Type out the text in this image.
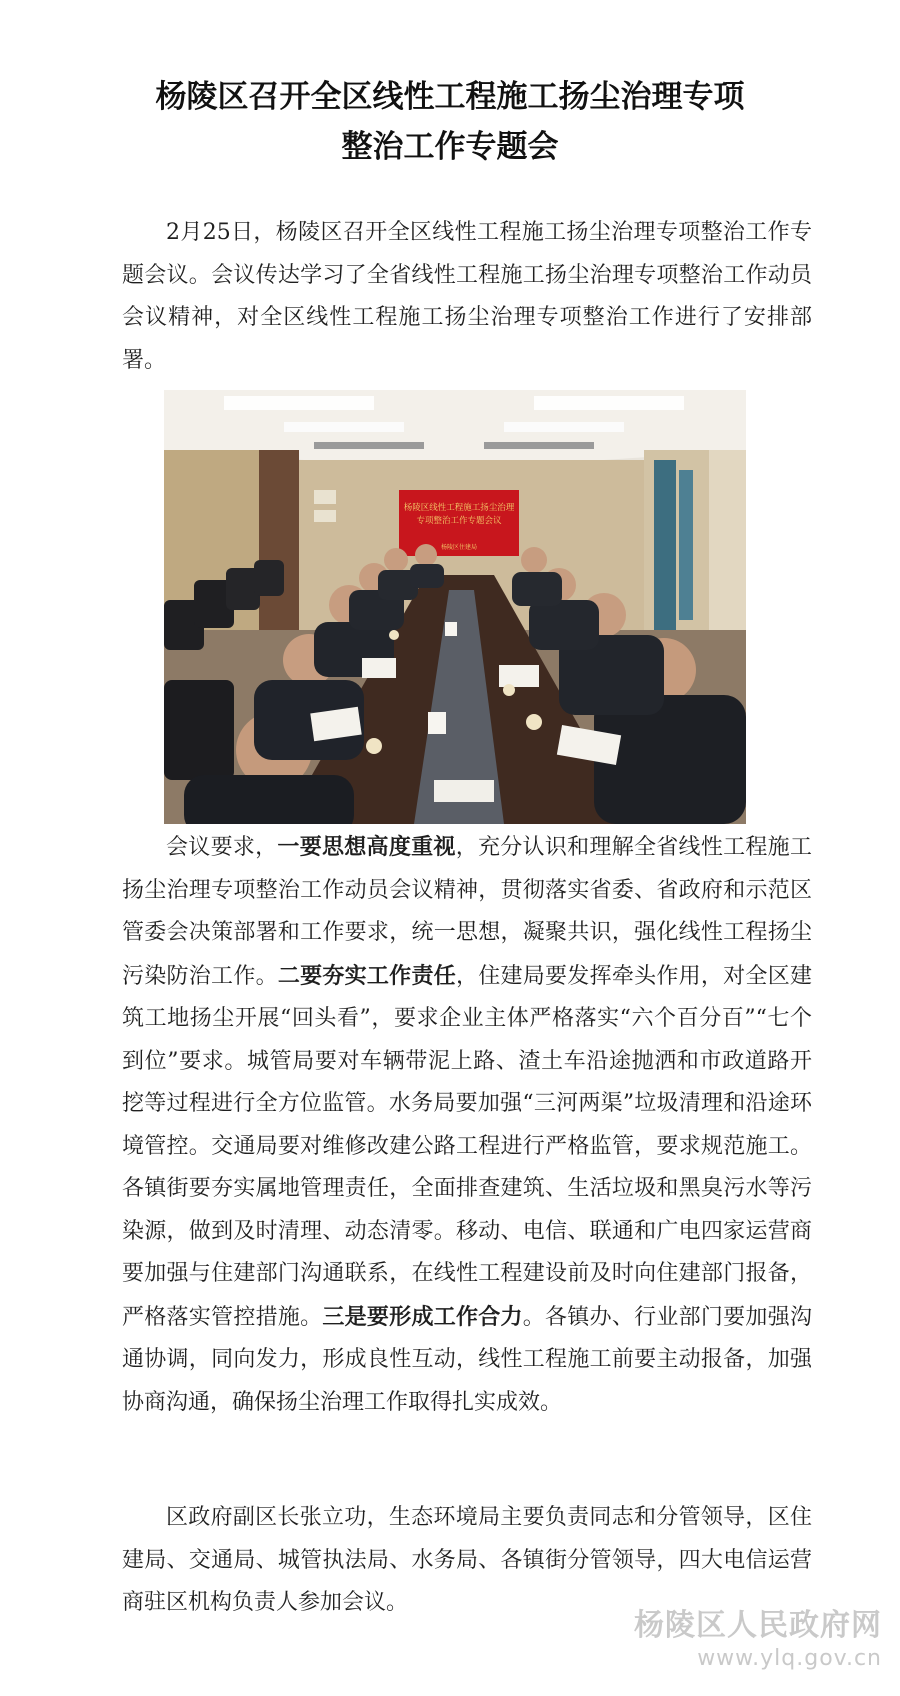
杨陵区召开全区线性工程施工扬尘治理专项
整治工作专题会

2月25日，杨陵区召开全区线性工程施工扬尘治理专项整治工作专题会议。会议传达学习了全省线性工程施工扬尘治理专项整治工作动员会议精神，对全区线性工程施工扬尘治理专项整治工作进行了安排部署。

杨陵区线性工程施工扬尘治理
专项整治工作专题会议
杨陵区住建局

会议要求，一要思想高度重视，充分认识和理解全省线性工程施工扬尘治理专项整治工作动员会议精神，贯彻落实省委、省政府和示范区管委会决策部署和工作要求，统一思想，凝聚共识，强化线性工程扬尘污染防治工作。二要夯实工作责任，住建局要发挥牵头作用，对全区建筑工地扬尘开展“回头看”，要求企业主体严格落实“六个百分百”“七个到位”要求。城管局要对车辆带泥上路、渣土车沿途抛洒和市政道路开挖等过程进行全方位监管。水务局要加强“三河两渠”垃圾清理和沿途环境管控。交通局要对维修改建公路工程进行严格监管，要求规范施工。各镇街要夯实属地管理责任，全面排查建筑、生活垃圾和黑臭污水等污染源，做到及时清理、动态清零。移动、电信、联通和广电四家运营商要加强与住建部门沟通联系，在线性工程建设前及时向住建部门报备，严格落实管控措施。三是要形成工作合力。各镇办、行业部门要加强沟通协调，同向发力，形成良性互动，线性工程施工前要主动报备，加强协商沟通，确保扬尘治理工作取得扎实成效。

区政府副区长张立功，生态环境局主要负责同志和分管领导，区住建局、交通局、城管执法局、水务局、各镇街分管领导，四大电信运营商驻区机构负责人参加会议。

杨陵区人民政府网
www.ylq.gov.cn
